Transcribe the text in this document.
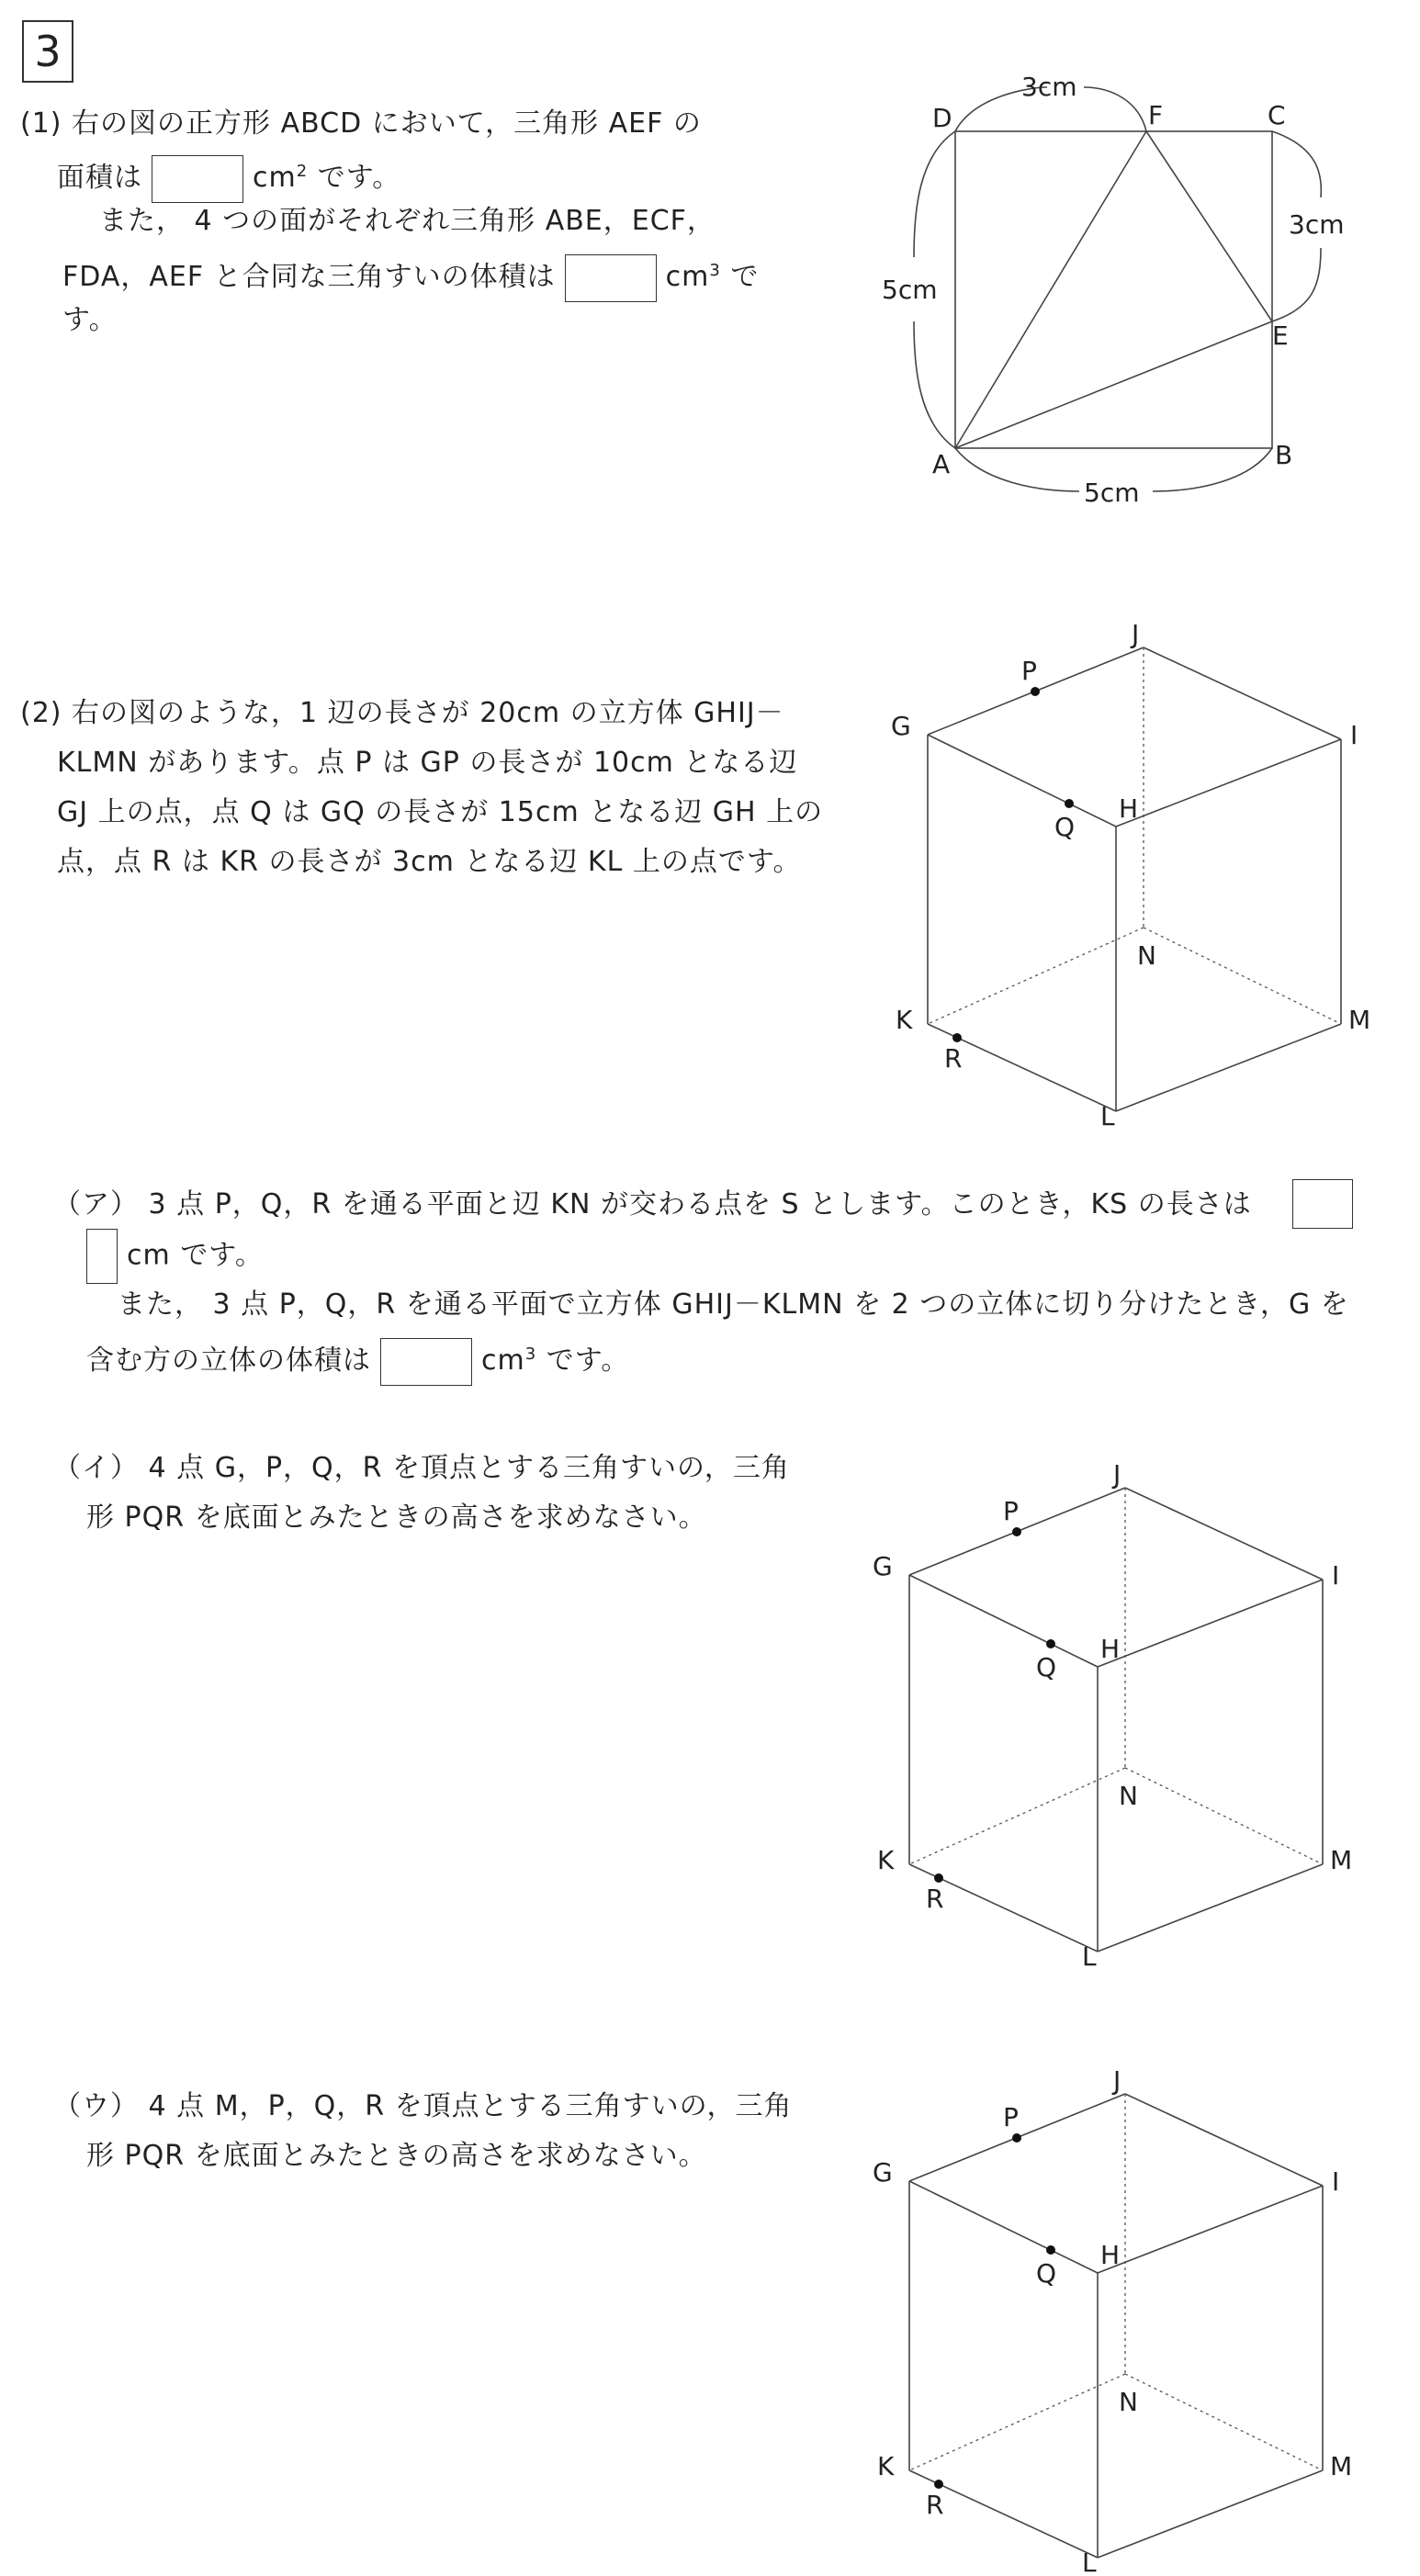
3
(1) 右の図の正方形 ABCD において，三角形 AEF の
面積は	$cm^2$ です。
また， 4 つの面がそれぞれ三角形 ABE，ECF，
FDA，AEF と合同な三角すいの体積は	$cm^3$ で
す。
D	F	C
E
A	B
3cm
3cm
5cm
5cm
(2) 右の図のような，1 辺の長さが 20cm の立方体 GHIJ－
KLMN があります。点 P は GP の長さが 10cm となる辺
GJ 上の点，点 Q は GQ の長さが 15cm となる辺 GH 上の
点，点 R は KR の長さが 3cm となる辺 KL 上の点です。
G
J
I
H
P
Q
N
K
R
M
L
（ア） 3 点 P，Q，R を通る平面と辺 KN が交わる点を S とします。このとき，KS の長さは
cm です。
また， 3 点 P，Q，R を通る平面で立方体 GHIJ－KLMN を 2 つの立体に切り分けたとき，G を
含む方の立体の体積は	$cm^3$ です。
（イ） 4 点 G，P，Q，R を頂点とする三角すいの，三角
形 PQR を底面とみたときの高さを求めなさい。
G
J
I
H
P
Q
N
K
R
M
L
（ウ） 4 点 M，P，Q，R を頂点とする三角すいの，三角
形 PQR を底面とみたときの高さを求めなさい。
G
J
I
H
P
Q
N
K
R
M
L
